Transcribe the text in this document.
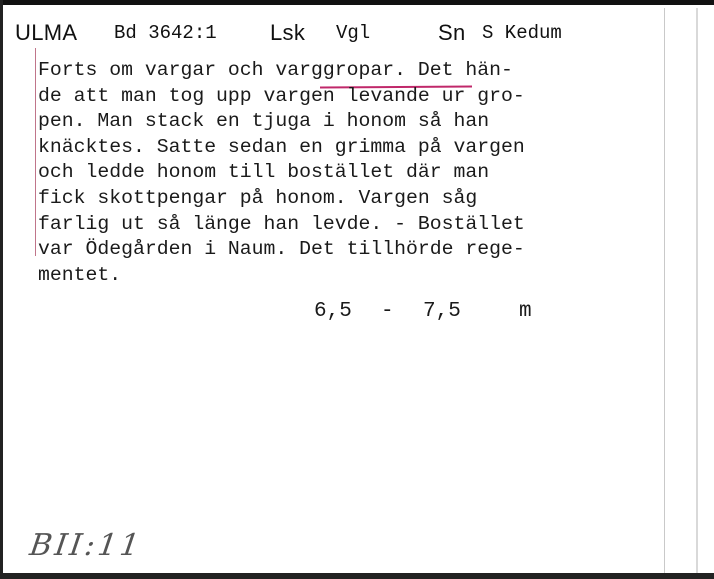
ULMA Bd 3642:1 Lsk Vgl	Sn S Kedum
Forts om vargar och varggropar. Det hän-
de att man tog upp vargen levande ur gro-
pen. Man stack en tjuga i honom så han
knäcktes. Satte sedan en grimma på vargen
och ledde honom till bostället där man
fick skottpengar på honom. Vargen såg
farlig ut så länge han levde. - Bostället
var Ödegården i Naum. Det tillhörde rege-
mentet.
6,5 - 7,5	m
BII:11
